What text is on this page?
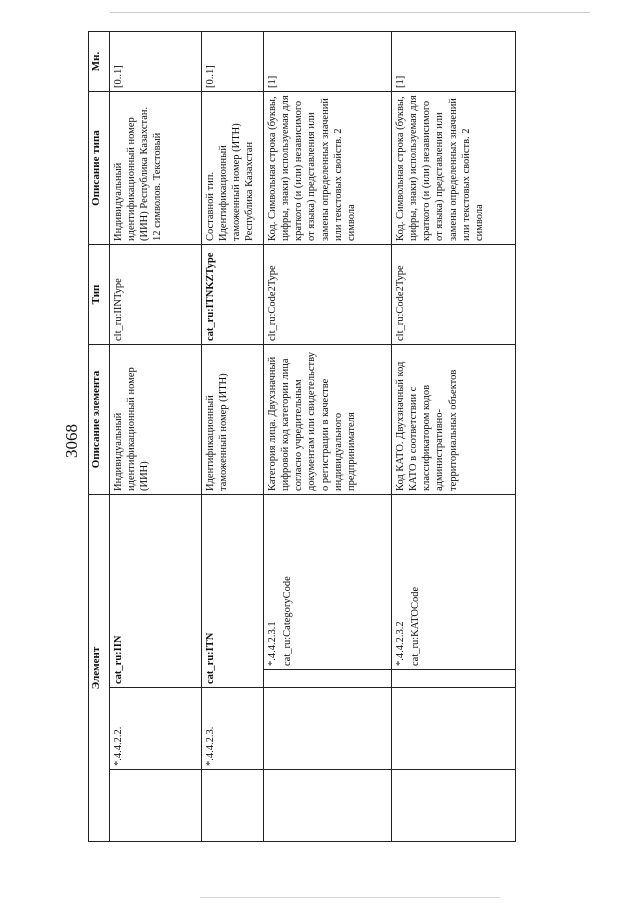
3068
Элемент				Описание элемента	Тип	Описание типа	Мн.
	*.4.4.2.2.	cat_ru:IIN		Индивидуальный идентификационный номер (ИИН)	clt_ru:IINType	Индивидуальный идентификационный номер (ИИН) Республика Казахстан. 12 символов. Текстовый	[0..1]
	*.4.4.2.3.	cat_ru:ITN		Идентификационный таможенный номер (ИТН)	cat_ru:ITNKZType	Составной тип. Идентификационный таможенный номер (ИТН) Республика Казахстан	[0..1]

			*.4.4.2.3.1 cat_ru:CategoryCode	Категория лица. Двухзначный цифровой код категории лица согласно учредительным документам или свидетельству о регистрации в качестве индивидуального предпринимателя	clt_ru:Code2Type	Код. Символьная строка (буквы, цифры, знаки) используемая для краткого (и (или) независимого от языка) представления или замены определенных значений или текстовых свойств. 2 символа	[1]

			*.4.4.2.3.2 cat_ru:KATOCode	Код КАТО. Двухзначный код КАТО в соответствии с классификатором кодов административно-территориальных объектов	clt_ru:Code2Type	Код. Символьная строка (буквы, цифры, знаки) используемая для краткого (и (или) независимого от языка) представления или замены определенных значений или текстовых свойств. 2 символа	[1]
